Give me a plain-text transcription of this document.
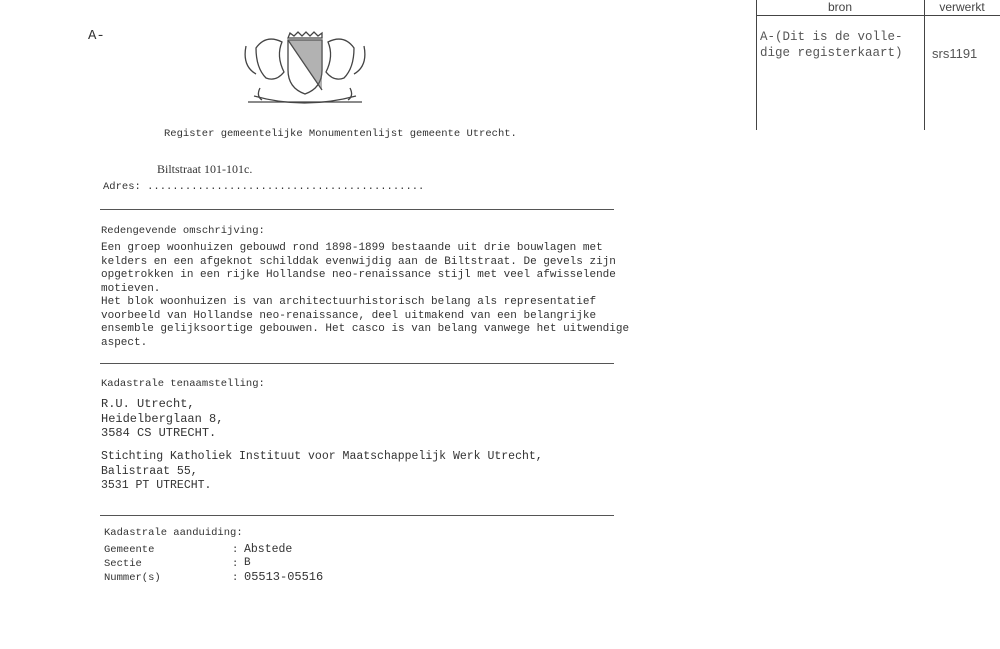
A-
bron	verwerkt
A-(Dit is de volle-
dige registerkaart) srs1191
Register gemeentelijke Monumentenlijst gemeente Utrecht.
Biltstraat 101-101c.
Adres: ............................................
Redengevende omschrijving:
Een groep woonhuizen gebouwd rond 1898-1899 bestaande uit drie bouwlagen met
kelders en een afgeknot schilddak evenwijdig aan de Biltstraat. De gevels zijn
opgetrokken in een rijke Hollandse neo-renaissance stijl met veel afwisselende
motieven.
Het blok woonhuizen is van architectuurhistorisch belang als representatief
voorbeeld van Hollandse neo-renaissance, deel uitmakend van een belangrijke
ensemble gelijksoortige gebouwen. Het casco is van belang vanwege het uitwendige
aspect.
Kadastrale tenaamstelling:
R.U. Utrecht,
Heidelberglaan 8,
3584 CS UTRECHT.
Stichting Katholiek Instituut voor Maatschappelijk Werk Utrecht,
Balistraat 55,
3531 PT UTRECHT.
Kadastrale aanduiding:
Gemeente	: Abstede
Sectie	: B
Nummer(s)	: 05513-05516
